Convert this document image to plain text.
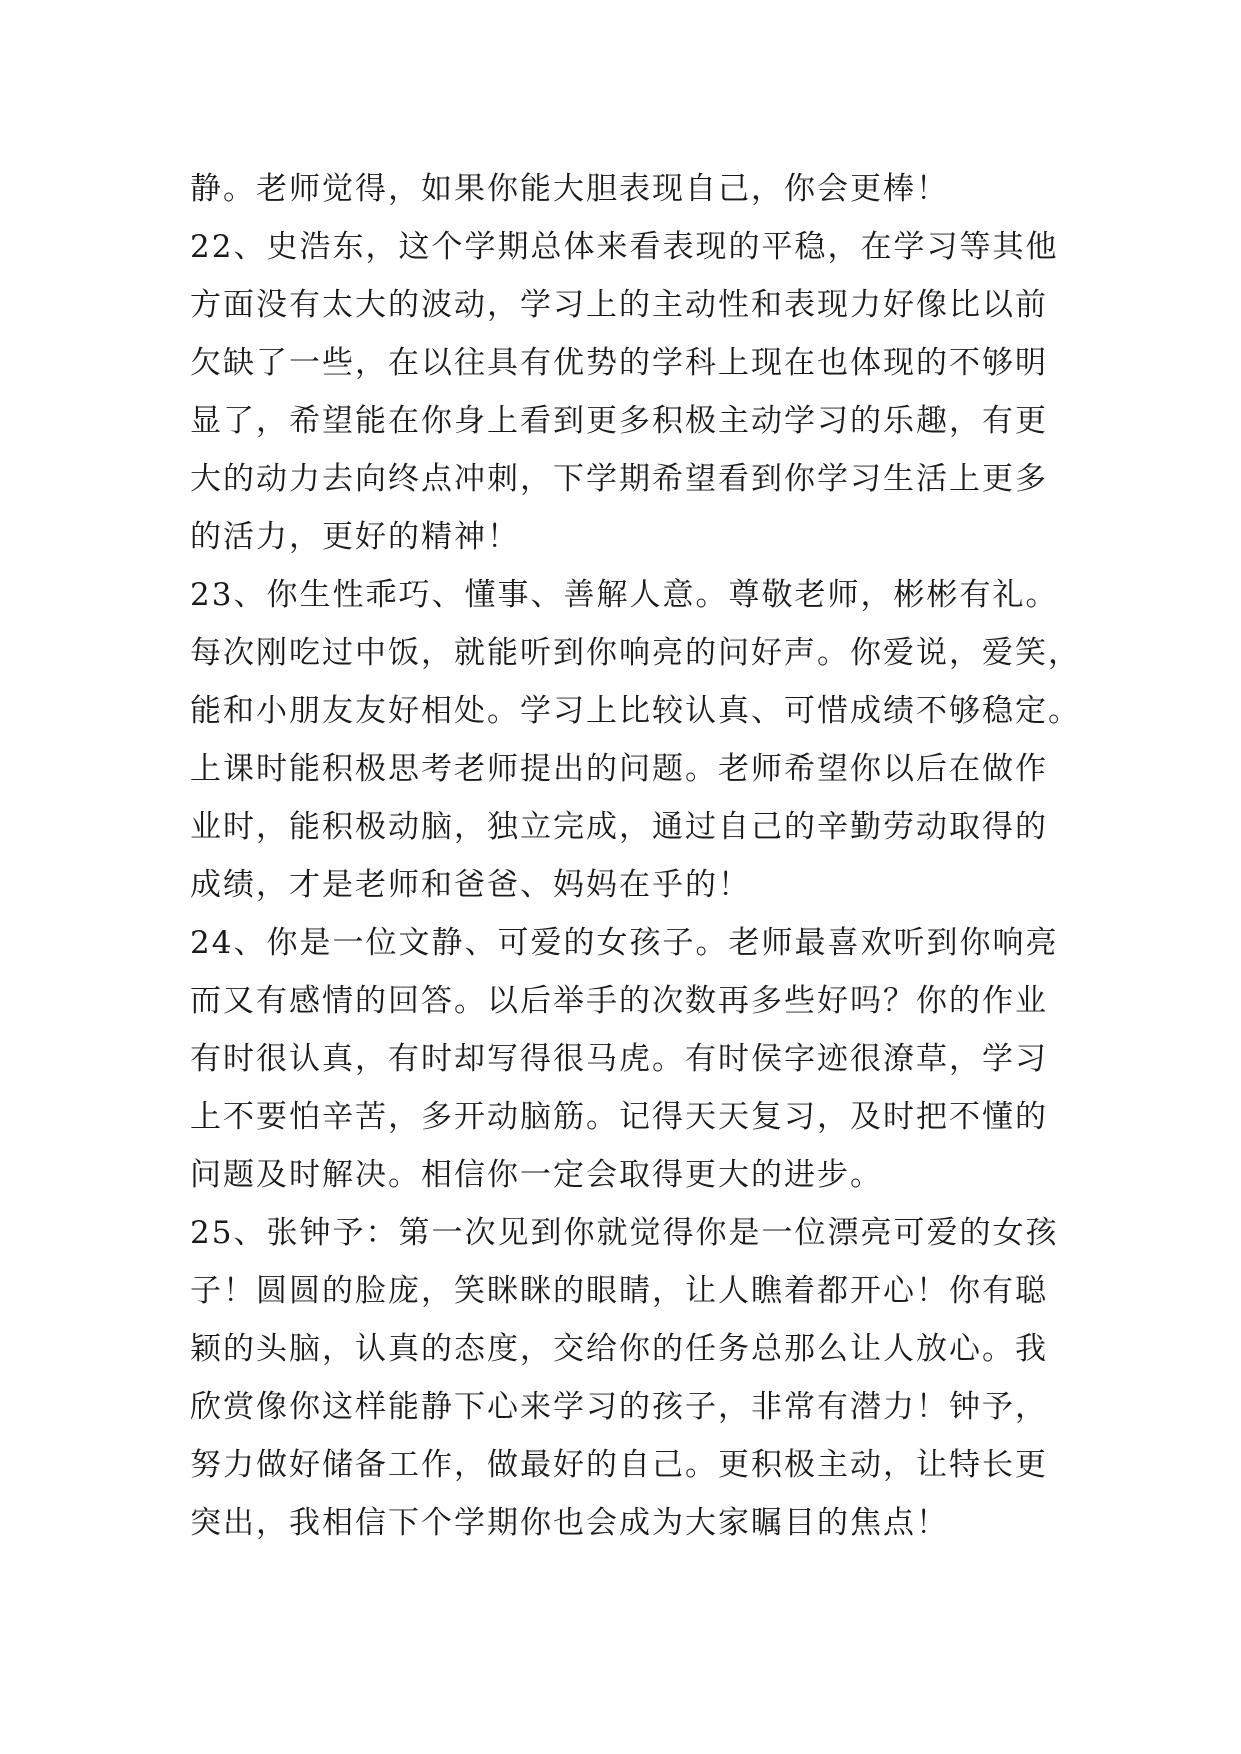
静。老师觉得，如果你能大胆表现自己，你会更棒！
22、史浩东，这个学期总体来看表现的平稳，在学习等其他
方面没有太大的波动，学习上的主动性和表现力好像比以前
欠缺了一些，在以往具有优势的学科上现在也体现的不够明
显了，希望能在你身上看到更多积极主动学习的乐趣，有更
大的动力去向终点冲刺，下学期希望看到你学习生活上更多
的活力，更好的精神！
23、你生性乖巧、懂事、善解人意。尊敬老师，彬彬有礼。
每次刚吃过中饭，就能听到你响亮的问好声。你爱说，爱笑，
能和小朋友友好相处。学习上比较认真、可惜成绩不够稳定。
上课时能积极思考老师提出的问题。老师希望你以后在做作
业时，能积极动脑，独立完成，通过自己的辛勤劳动取得的
成绩，才是老师和爸爸、妈妈在乎的！
24、你是一位文静、可爱的女孩子。老师最喜欢听到你响亮
而又有感情的回答。以后举手的次数再多些好吗？你的作业
有时很认真，有时却写得很马虎。有时侯字迹很潦草，学习
上不要怕辛苦，多开动脑筋。记得天天复习，及时把不懂的
问题及时解决。相信你一定会取得更大的进步。
25、张钟予：第一次见到你就觉得你是一位漂亮可爱的女孩
子！圆圆的脸庞，笑眯眯的眼睛，让人瞧着都开心！你有聪
颖的头脑，认真的态度，交给你的任务总那么让人放心。我
欣赏像你这样能静下心来学习的孩子，非常有潜力！钟予，
努力做好储备工作，做最好的自己。更积极主动，让特长更
突出，我相信下个学期你也会成为大家瞩目的焦点！
